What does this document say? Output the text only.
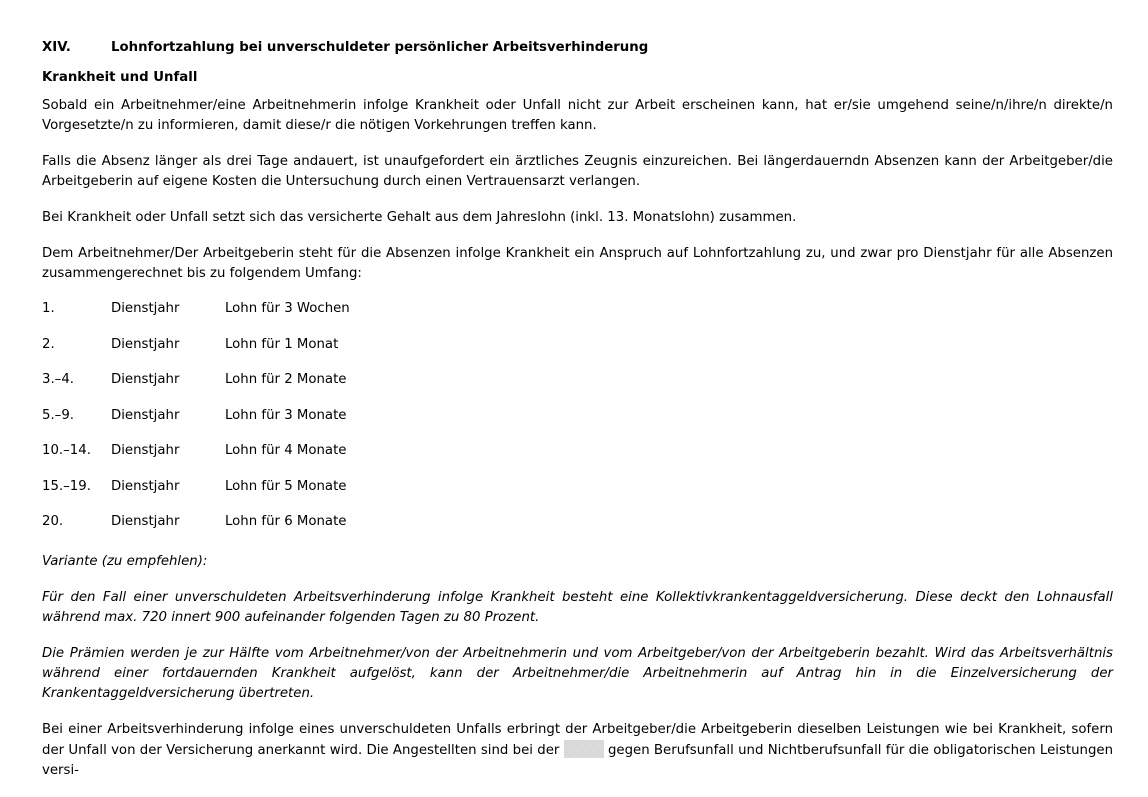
XIV.	Lohnfortzahlung bei unverschuldeter persönlicher Arbeitsverhinderung
Krankheit und Unfall

Sobald ein Arbeitnehmer/eine Arbeitnehmerin infolge Krankheit oder Unfall nicht zur Arbeit erscheinen kann, hat er/sie umgehend seine/n/ihre/n direkte/n Vorgesetzte/n zu informieren, damit diese/r die nötigen Vorkehrungen treffen kann.

Falls die Absenz länger als drei Tage andauert, ist unaufgefordert ein ärztliches Zeugnis einzureichen. Bei längerdauerndn Absenzen kann der Arbeitgeber/die Arbeitgeberin auf eigene Kosten die Untersuchung durch einen Vertrauensarzt verlangen.

Bei Krankheit oder Unfall setzt sich das versicherte Gehalt aus dem Jahreslohn (inkl. 13. Monatslohn) zusammen.

Dem Arbeitnehmer/Der Arbeitgeberin steht für die Absenzen infolge Krankheit ein Anspruch auf Lohnfortzahlung zu, und zwar pro Dienstjahr für alle Absenzen zusammengerechnet bis zu folgendem Umfang:

1.	Dienstjahr	Lohn für 3 Wochen
2.	Dienstjahr	Lohn für 1 Monat
3.–4.	Dienstjahr	Lohn für 2 Monate
5.–9.	Dienstjahr	Lohn für 3 Monate
10.–14.	Dienstjahr	Lohn für 4 Monate
15.–19.	Dienstjahr	Lohn für 5 Monate
20.	Dienstjahr	Lohn für 6 Monate

Variante (zu empfehlen):

Für den Fall einer unverschuldeten Arbeitsverhinderung infolge Krankheit besteht eine Kollektivkrankentaggeldversicherung. Diese deckt den Lohnausfall während max. 720 innert 900 aufeinander folgenden Tagen zu 80 Prozent.

Die Prämien werden je zur Hälfte vom Arbeitnehmer/von der Arbeitnehmerin und vom Arbeitgeber/von der Arbeitgeberin bezahlt. Wird das Arbeitsverhältnis während einer fortdauernden Krankheit aufgelöst, kann der Arbeitnehmer/die Arbeitnehmerin auf Antrag hin in die Einzelversicherung der Krankentaggeldversicherung übertreten.

Bei einer Arbeitsverhinderung infolge eines unverschuldeten Unfalls erbringt der Arbeitgeber/die Arbeitgeberin dieselben Leistungen wie bei Krankheit, sofern der Unfall von der Versicherung anerkannt wird. Die Angestellten sind bei der	gegen Berufsunfall und Nichtberufsunfall für die obligatorischen Leistungen versi-
